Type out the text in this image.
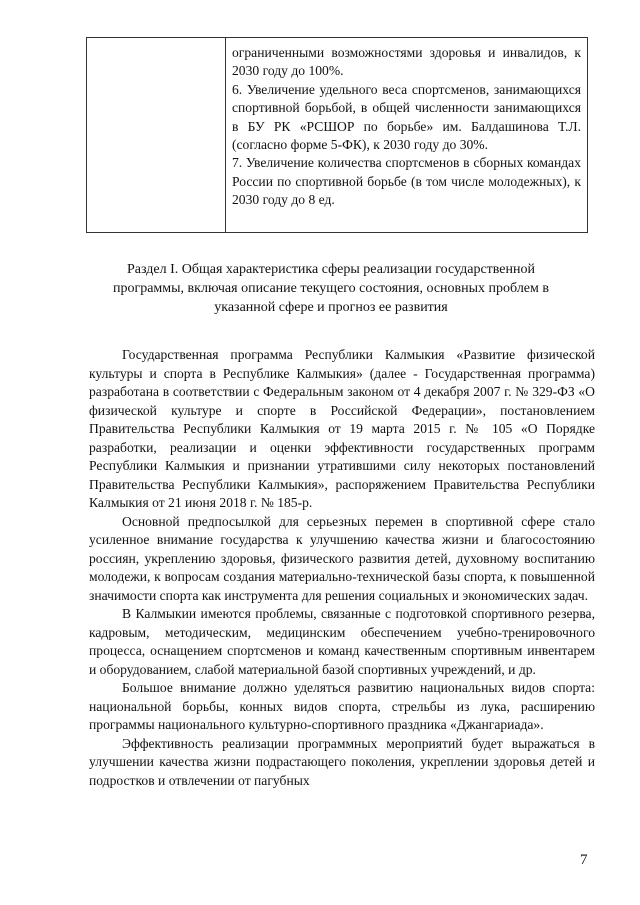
ограниченными возможностями здоровья и инвалидов, к 2030 году до 100%.

6. Увеличение удельного веса спортсменов, занимающихся спортивной борьбой, в общей численности занимающихся в БУ РК «РСШОР по борьбе» им. Балдашинова Т.Л. (согласно форме 5-ФК), к 2030 году до 30%.

7. Увеличение количества спортсменов в сборных командах России по спортивной борьбе (в том числе молодежных), к 2030 году до 8 ед.

Раздел I. Общая характеристика сферы реализации государственной программы, включая описание текущего состояния, основных проблем в указанной сфере и прогноз ее развития

Государственная программа Республики Калмыкия «Развитие физической культуры и спорта в Республике Калмыкия» (далее - Государственная программа) разработана в соответствии с Федеральным законом от 4 декабря 2007 г. № 329-ФЗ «О физической культуре и спорте в Российской Федерации», постановлением Правительства Республики Калмыкия от 19 марта 2015 г. № 105 «О Порядке разработки, реализации и оценки эффективности государственных программ Республики Калмыкия и признании утратившими силу некоторых постановлений Правительства Республики Калмыкия», распоряжением Правительства Республики Калмыкия от 21 июня 2018 г. № 185-р.

Основной предпосылкой для серьезных перемен в спортивной сфере стало усиленное внимание государства к улучшению качества жизни и благосостоянию россиян, укреплению здоровья, физического развития детей, духовному воспитанию молодежи, к вопросам создания материально-технической базы спорта, к повышенной значимости спорта как инструмента для решения социальных и экономических задач.

В Калмыкии имеются проблемы, связанные с подготовкой спортивного резерва, кадровым, методическим, медицинским обеспечением учебно-тренировочного процесса, оснащением спортсменов и команд качественным спортивным инвентарем и оборудованием, слабой материальной базой спортивных учреждений, и др.

Большое внимание должно уделяться развитию национальных видов спорта: национальной борьбы, конных видов спорта, стрельбы из лука, расширению программы национального культурно-спортивного праздника «Джангариада».

Эффективность реализации программных мероприятий будет выражаться в улучшении качества жизни подрастающего поколения, укреплении здоровья детей и подростков и отвлечении от пагубных

7
